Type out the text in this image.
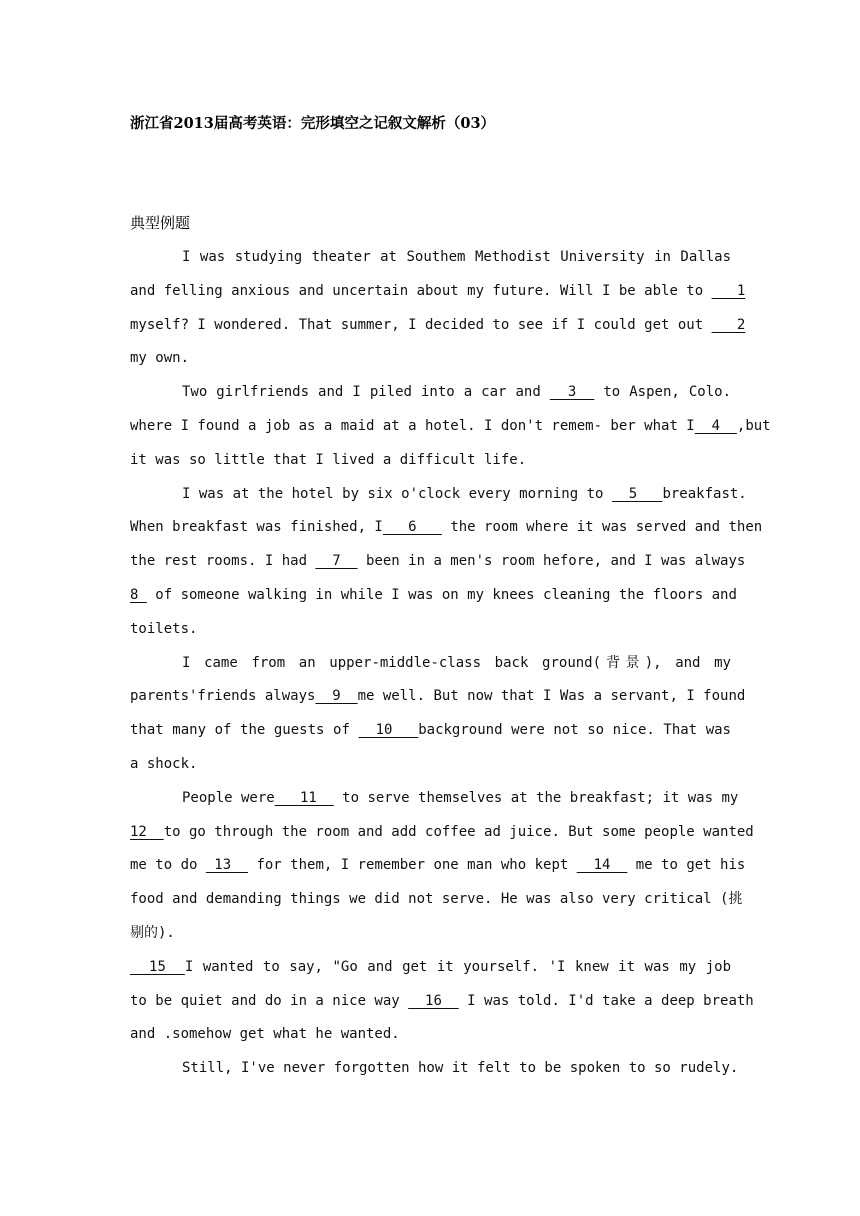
浙江省2013届高考英语：完形填空之记叙文解析（03）
典型例题
I was studying theater at Southem Methodist University in Dallas
and felling anxious and uncertain about my future. Will I be able to  __1
myself? I wondered. That summer, I decided to see if I could get out  __2
my own.
Two girlfriends and I piled into a car and   3   to Aspen, Colo.
where I found a job as a maid at a hotel. I don't remem- ber what I  4  ,but
it was so little that I lived a difficult life.
I was at the hotel by six o'clock every morning to   5   breakfast.
When breakfast was finished, I   6    the room where it was served and then
the rest rooms. I had   7   been in a men's room hefore, and I was always
8  of someone walking in while I was on my knees cleaning the floors and
toilets.
I came from an upper-middle-class back ground(背景), and my
parents'friends always  9  me well. But now that I Was a servant, I found
that many of the guests of   10   background were not so nice. That was
a shock.
People were   11   to serve themselves at the breakfast; it was my
12  to go through the room and add coffee ad juice. But some people wanted
me to do  13   for them, I remember one man who kept   14   me to get his
food and demanding things we did not serve. He was also very critical (挑
剔的).
15  I wanted to say, "Go and get it yourself. 'I knew it was my job
to be quiet and do in a nice way   16   I was told. I'd take a deep breath
and .somehow get what he wanted.
Still, I've never forgotten how it felt to be spoken to so rudely.
